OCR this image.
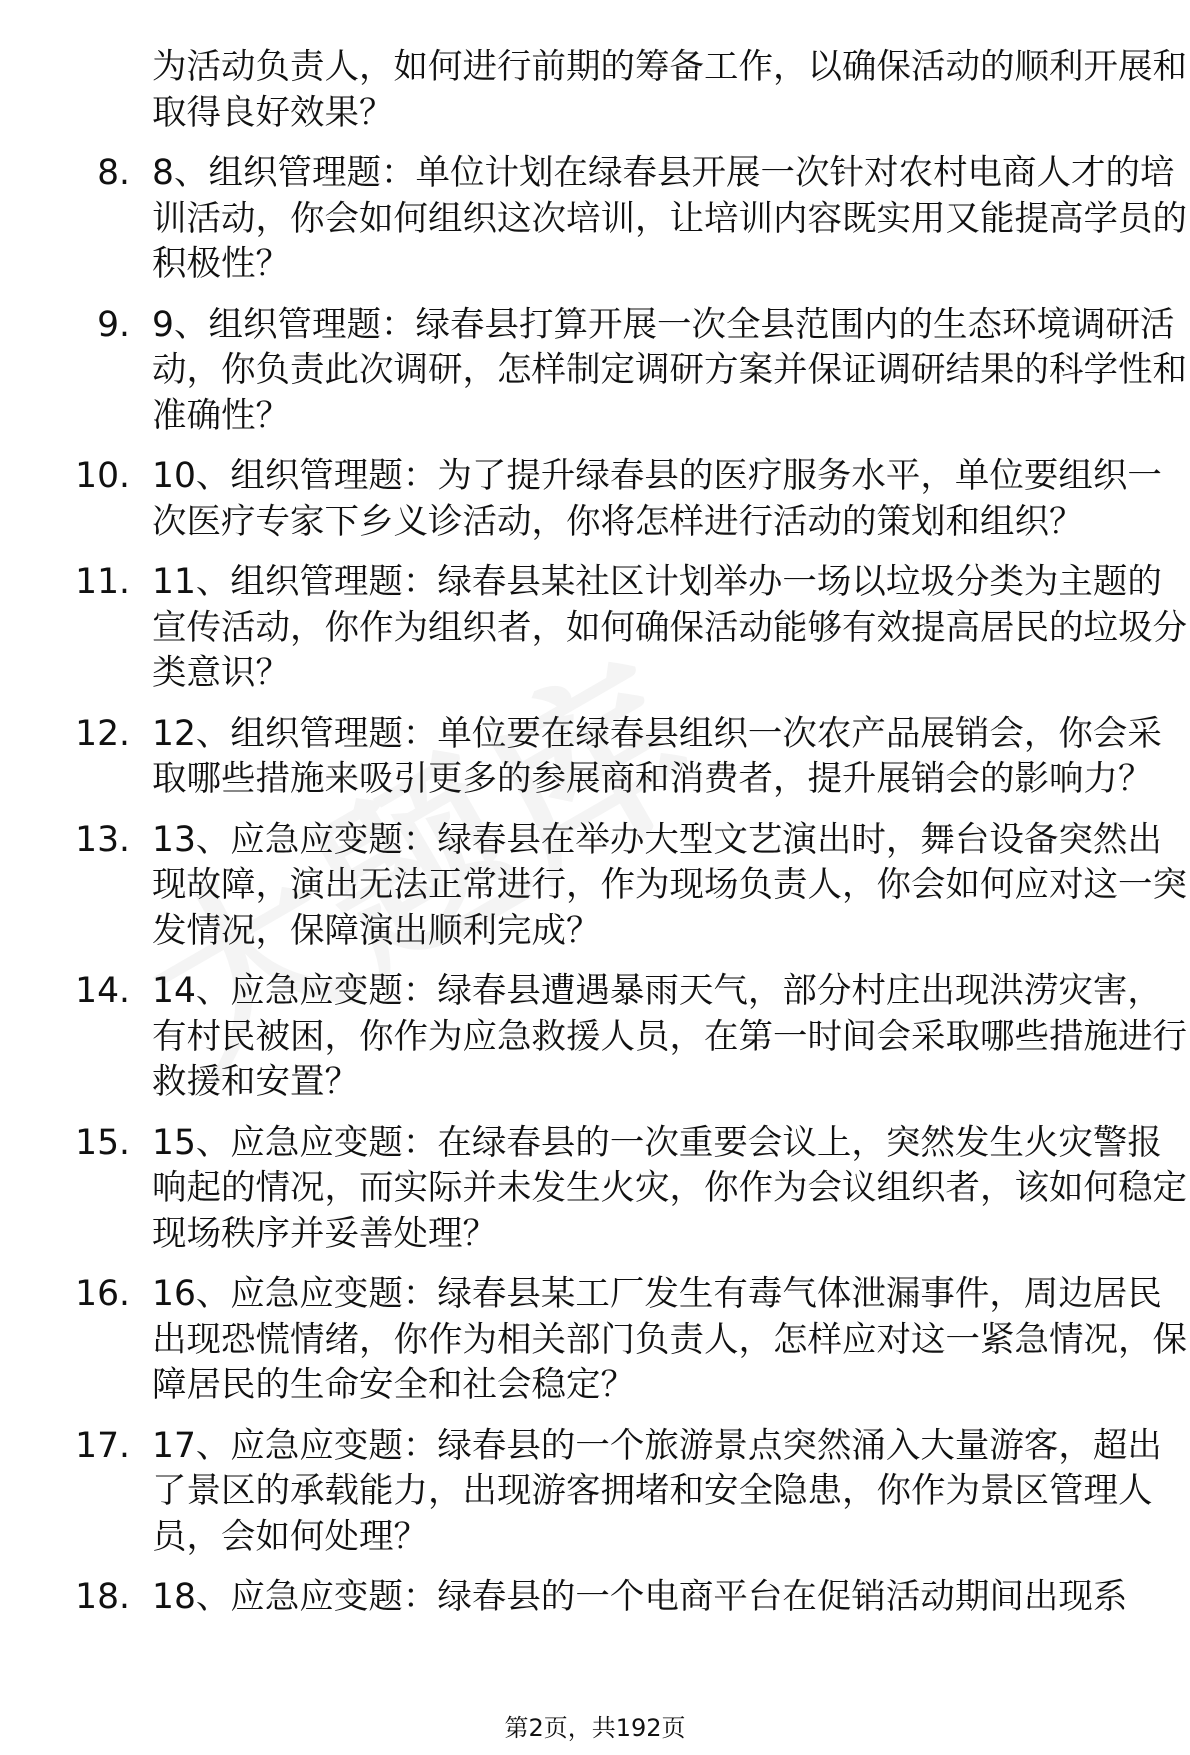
为活动负责人，如何进行前期的筹备工作，以确保活动的顺利开展和取得良好效果？
8. 8、组织管理题：单位计划在绿春县开展一次针对农村电商人才的培训活动，你会如何组织这次培训，让培训内容既实用又能提高学员的积极性？
9. 9、组织管理题：绿春县打算开展一次全县范围内的生态环境调研活动，你负责此次调研，怎样制定调研方案并保证调研结果的科学性和准确性？
10. 10、组织管理题：为了提升绿春县的医疗服务水平，单位要组织一次医疗专家下乡义诊活动，你将怎样进行活动的策划和组织？
11. 11、组织管理题：绿春县某社区计划举办一场以垃圾分类为主题的宣传活动，你作为组织者，如何确保活动能够有效提高居民的垃圾分类意识？
12. 12、组织管理题：单位要在绿春县组织一次农产品展销会，你会采取哪些措施来吸引更多的参展商和消费者，提升展销会的影响力？
13. 13、应急应变题：绿春县在举办大型文艺演出时，舞台设备突然出现故障，演出无法正常进行，作为现场负责人，你会如何应对这一突发情况，保障演出顺利完成？
14. 14、应急应变题：绿春县遭遇暴雨天气，部分村庄出现洪涝灾害，有村民被困，你作为应急救援人员，在第一时间会采取哪些措施进行救援和安置？
15. 15、应急应变题：在绿春县的一次重要会议上，突然发生火灾警报响起的情况，而实际并未发生火灾，你作为会议组织者，该如何稳定现场秩序并妥善处理？
16. 16、应急应变题：绿春县某工厂发生有毒气体泄漏事件，周边居民出现恐慌情绪，你作为相关部门负责人，怎样应对这一紧急情况，保障居民的生命安全和社会稳定？
17. 17、应急应变题：绿春县的一个旅游景点突然涌入大量游客，超出了景区的承载能力，出现游客拥堵和安全隐患，你作为景区管理人员，会如何处理？
18. 18、应急应变题：绿春县的一个电商平台在促销活动期间出现系
第2页，共192页
